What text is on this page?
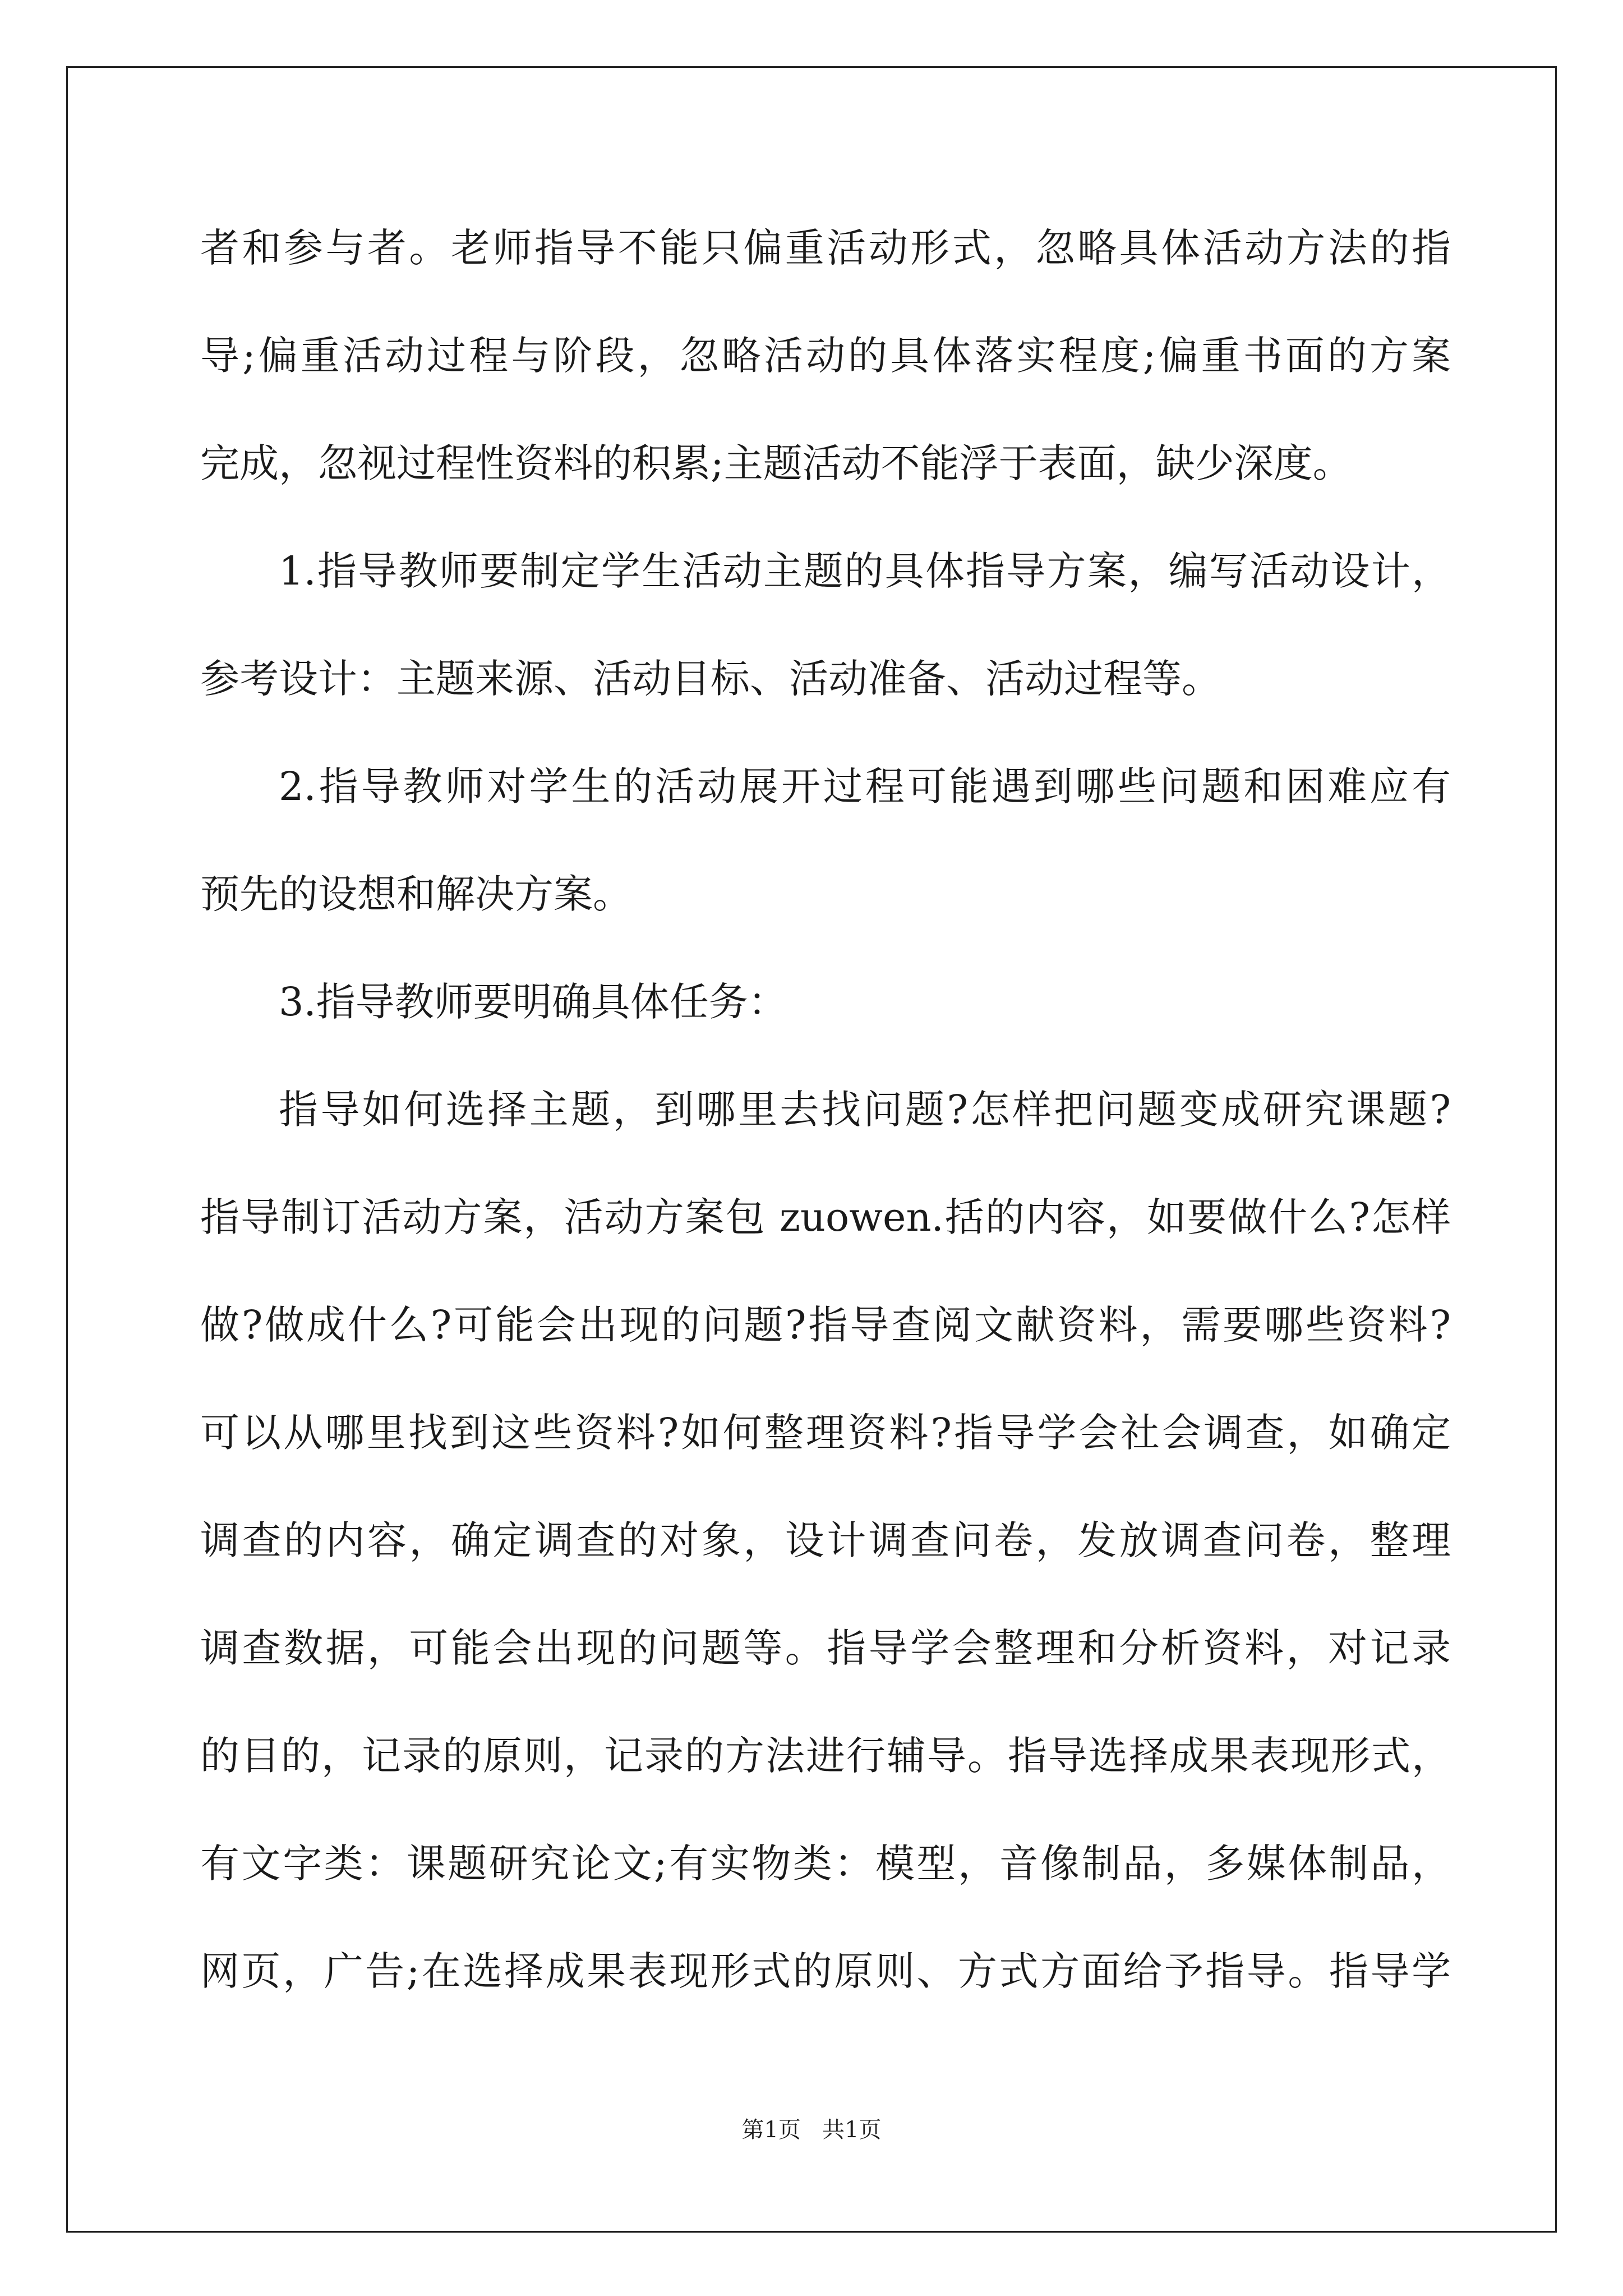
者和参与者。老师指导不能只偏重活动形式，忽略具体活动方法的指
导;偏重活动过程与阶段，忽略活动的具体落实程度;偏重书面的方案
完成，忽视过程性资料的积累;主题活动不能浮于表面，缺少深度。
1.指导教师要制定学生活动主题的具体指导方案，编写活动设计，
参考设计：主题来源、活动目标、活动准备、活动过程等。
2.指导教师对学生的活动展开过程可能遇到哪些问题和困难应有
预先的设想和解决方案。
3.指导教师要明确具体任务：
指导如何选择主题，到哪里去找问题?怎样把问题变成研究课题?
指导制订活动方案，活动方案包 zuowen.括的内容，如要做什么?怎样
做?做成什么?可能会出现的问题?指导查阅文献资料，需要哪些资料?
可以从哪里找到这些资料?如何整理资料?指导学会社会调查，如确定
调查的内容，确定调查的对象，设计调查问卷，发放调查问卷，整理
调查数据，可能会出现的问题等。指导学会整理和分析资料，对记录
的目的，记录的原则，记录的方法进行辅导。指导选择成果表现形式，
有文字类：课题研究论文;有实物类：模型，音像制品，多媒体制品，
网页，广告;在选择成果表现形式的原则、方式方面给予指导。指导学
第1页   共1页
